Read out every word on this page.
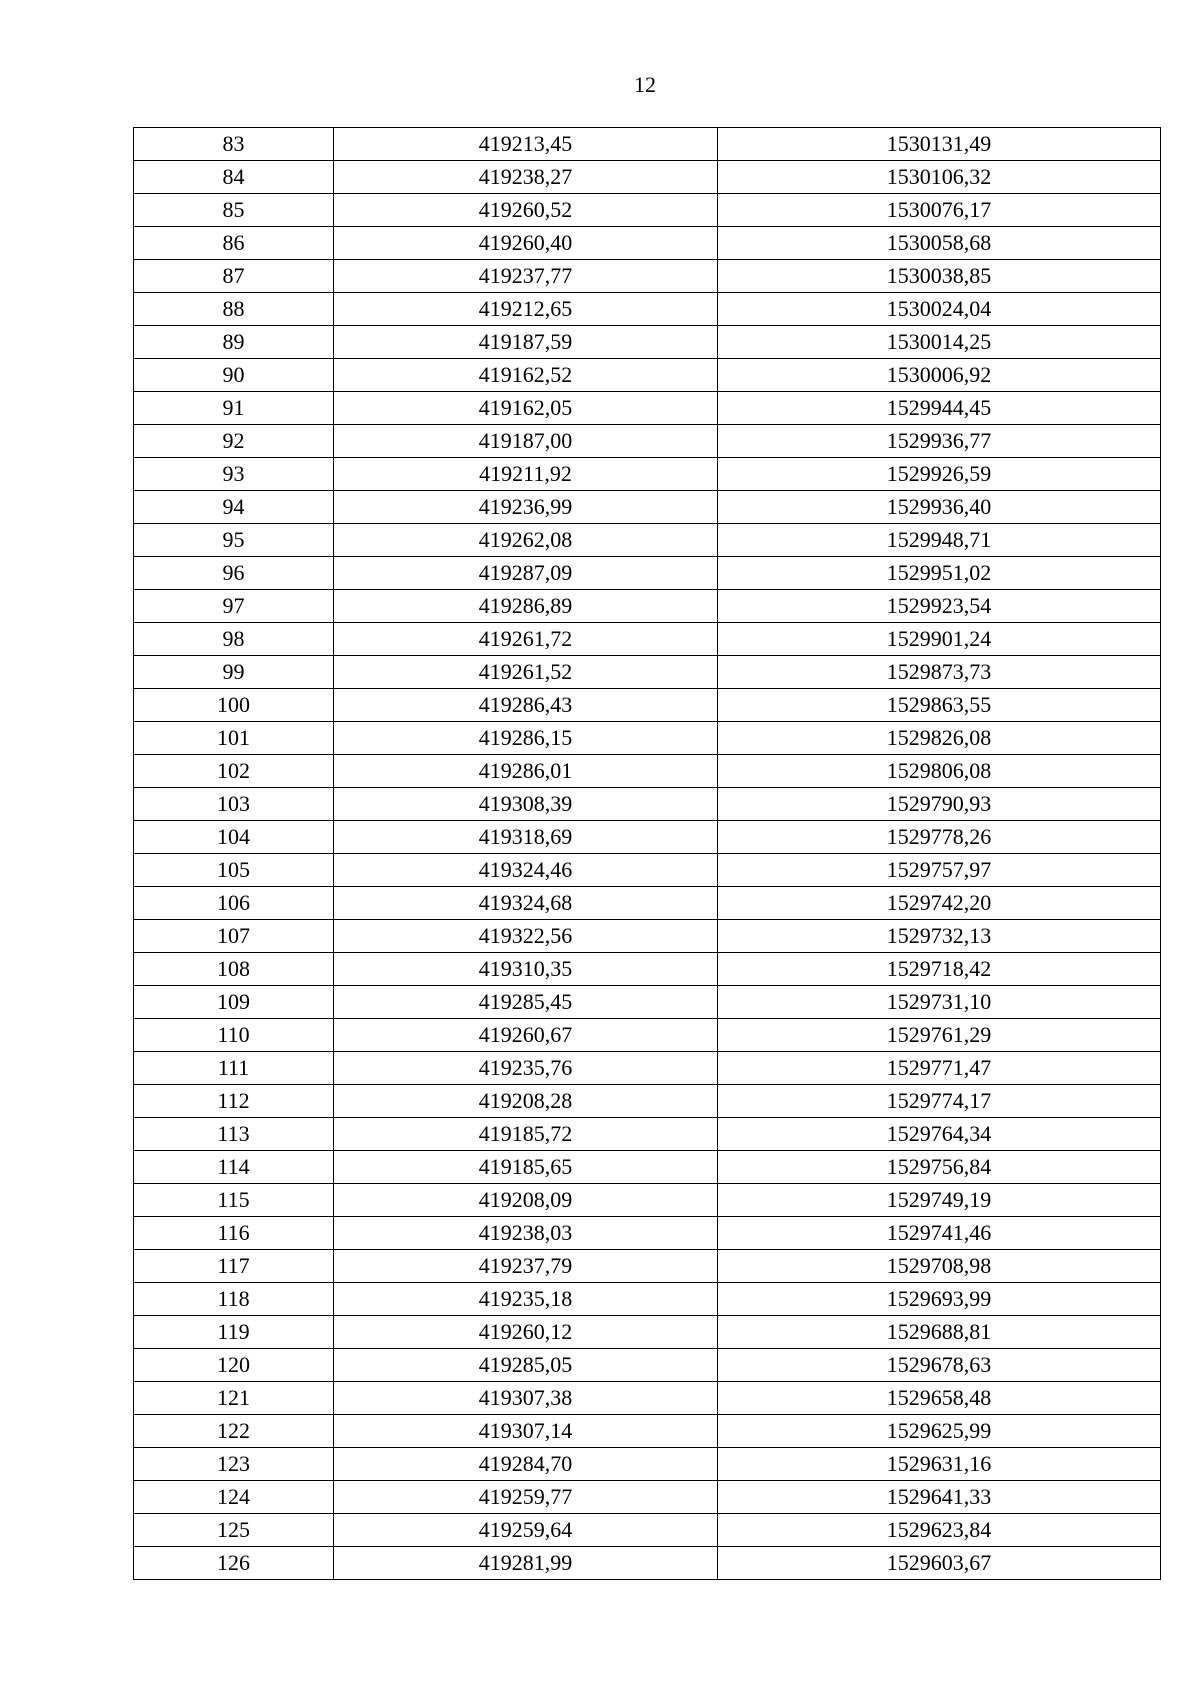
12
83	419213,45	1530131,49
84	419238,27	1530106,32
85	419260,52	1530076,17
86	419260,40	1530058,68
87	419237,77	1530038,85
88	419212,65	1530024,04
89	419187,59	1530014,25
90	419162,52	1530006,92
91	419162,05	1529944,45
92	419187,00	1529936,77
93	419211,92	1529926,59
94	419236,99	1529936,40
95	419262,08	1529948,71
96	419287,09	1529951,02
97	419286,89	1529923,54
98	419261,72	1529901,24
99	419261,52	1529873,73
100	419286,43	1529863,55
101	419286,15	1529826,08
102	419286,01	1529806,08
103	419308,39	1529790,93
104	419318,69	1529778,26
105	419324,46	1529757,97
106	419324,68	1529742,20
107	419322,56	1529732,13
108	419310,35	1529718,42
109	419285,45	1529731,10
110	419260,67	1529761,29
111	419235,76	1529771,47
112	419208,28	1529774,17
113	419185,72	1529764,34
114	419185,65	1529756,84
115	419208,09	1529749,19
116	419238,03	1529741,46
117	419237,79	1529708,98
118	419235,18	1529693,99
119	419260,12	1529688,81
120	419285,05	1529678,63
121	419307,38	1529658,48
122	419307,14	1529625,99
123	419284,70	1529631,16
124	419259,77	1529641,33
125	419259,64	1529623,84
126	419281,99	1529603,67
